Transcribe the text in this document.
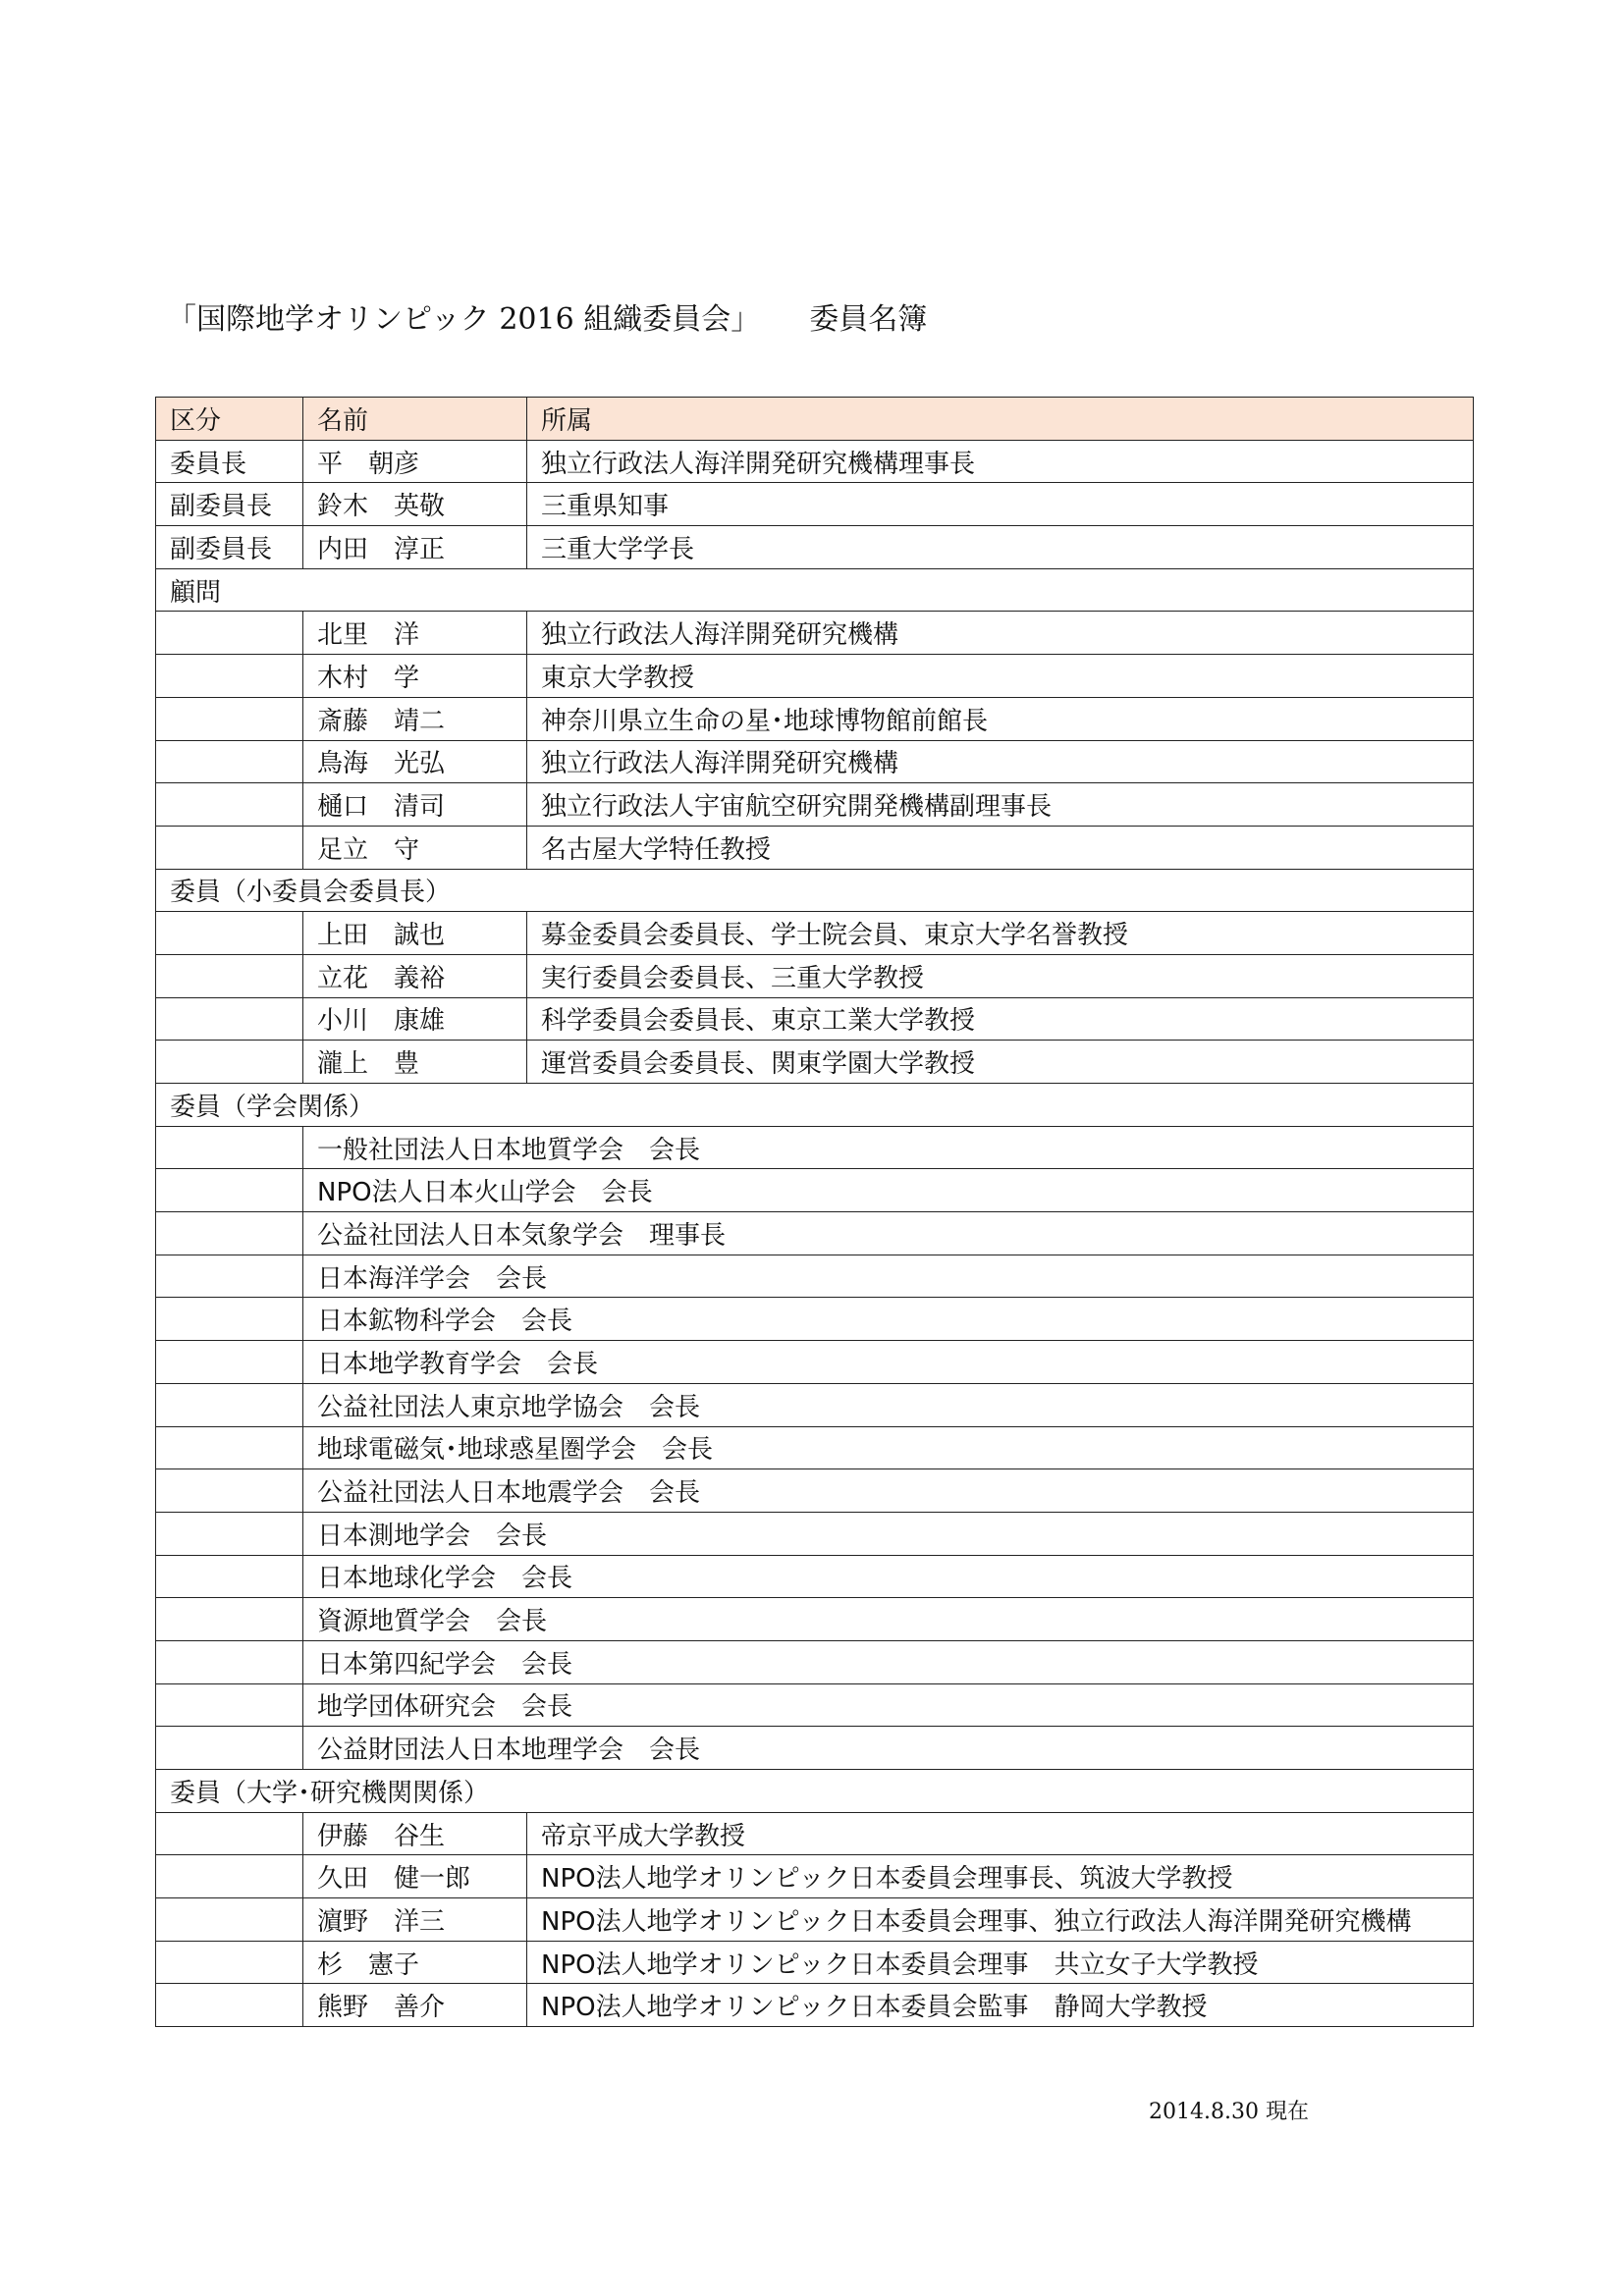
「国際地学オリンピック 2016 組織委員会」 委員名簿
区分	名前	所属
委員長	平　朝彦	独立行政法人海洋開発研究機構理事長
副委員長	鈴木　英敬	三重県知事
副委員長	内田　淳正	三重大学学長
顧問		
	北里　洋	独立行政法人海洋開発研究機構
	木村　学	東京大学教授
	斎藤　靖二	神奈川県立生命の星･地球博物館前館長
	鳥海　光弘	独立行政法人海洋開発研究機構
	樋口　清司	独立行政法人宇宙航空研究開発機構副理事長
	足立　守	名古屋大学特任教授
委員（小委員会委員長）		
	上田　誠也	募金委員会委員長、学士院会員、東京大学名誉教授
	立花　義裕	実行委員会委員長、三重大学教授
	小川　康雄	科学委員会委員長、東京工業大学教授
	瀧上　豊	運営委員会委員長、関東学園大学教授
委員（学会関係）		
	一般社団法人日本地質学会　会長	
	NPO法人日本火山学会　会長	
	公益社団法人日本気象学会　理事長	
	日本海洋学会　会長	
	日本鉱物科学会　会長	
	日本地学教育学会　会長	
	公益社団法人東京地学協会　会長	
	地球電磁気･地球惑星圏学会　会長	
	公益社団法人日本地震学会　会長	
	日本測地学会　会長	
	日本地球化学会　会長	
	資源地質学会　会長	
	日本第四紀学会　会長	
	地学団体研究会　会長	
	公益財団法人日本地理学会　会長	
委員（大学･研究機関関係）		
	伊藤　谷生	帝京平成大学教授
	久田　健一郎	NPO法人地学オリンピック日本委員会理事長、筑波大学教授
	濵野　洋三	NPO法人地学オリンピック日本委員会理事、独立行政法人海洋開発研究機構
	杉　憲子	NPO法人地学オリンピック日本委員会理事　共立女子大学教授
	熊野　善介	NPO法人地学オリンピック日本委員会監事　静岡大学教授
2014.8.30 現在
